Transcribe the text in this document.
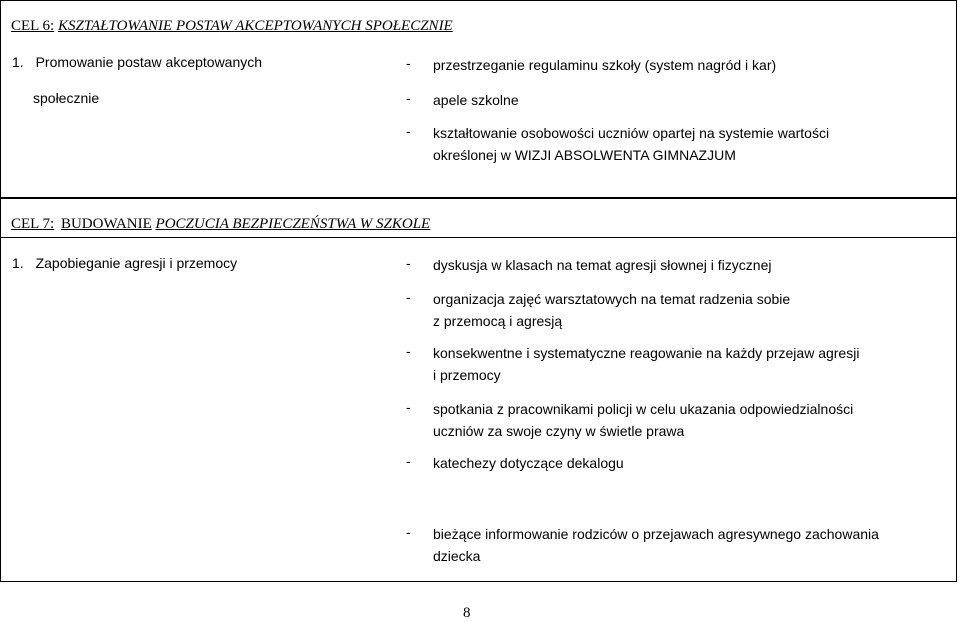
CEL 6: KSZTAŁTOWANIE POSTAW AKCEPTOWANYCH SPOŁECZNIE
1. Promowanie postaw akceptowanych
społecznie
- przestrzeganie regulaminu szkoły (system nagród i kar)
- apele szkolne
- kształtowanie osobowości uczniów opartej na systemie wartości
określonej w WIZJI ABSOLWENTA GIMNAZJUM
CEL 7: BUDOWANIE POCZUCIA BEZPIECZEŃSTWA W SZKOLE
1. Zapobieganie agresji i przemocy	- dyskusja w klasach na temat agresji słownej i fizycznej
- organizacja zajęć warsztatowych na temat radzenia sobie
z przemocą i agresją
- konsekwentne i systematyczne reagowanie na każdy przejaw agresji
i przemocy
- spotkania z pracownikami policji w celu ukazania odpowiedzialności
uczniów za swoje czyny w świetle prawa
- katechezy dotyczące dekalogu
- bieżące informowanie rodziców o przejawach agresywnego zachowania
dziecka
8
